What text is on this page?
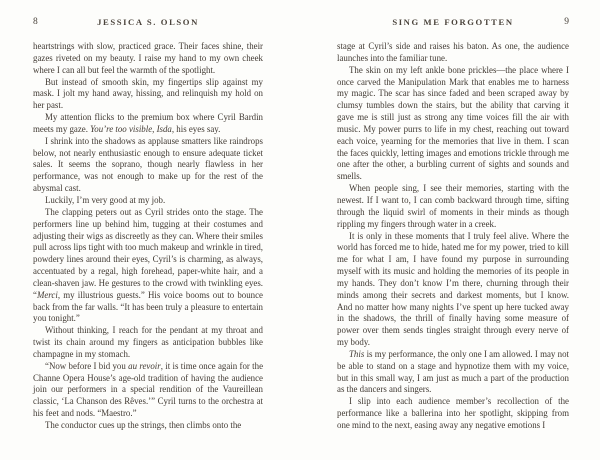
8	JESSICA S. OLSON

heartstrings with slow, practiced grace. Their faces shine, their gazes riveted on my beauty. I raise my hand to my own cheek where I can all but feel the warmth of the spotlight.

But instead of smooth skin, my fingertips slip against my mask. I jolt my hand away, hissing, and relinquish my hold on her past.

My attention flicks to the premium box where Cyril Bardin meets my gaze. You’re too visible, Isda, his eyes say.

I shrink into the shadows as applause smatters like raindrops below, not nearly enthusiastic enough to ensure adequate ticket sales. It seems the soprano, though nearly flawless in her performance, was not enough to make up for the rest of the abysmal cast.

Luckily, I’m very good at my job.

The clapping peters out as Cyril strides onto the stage. The performers line up behind him, tugging at their costumes and adjusting their wigs as discreetly as they can. Where their smiles pull across lips tight with too much makeup and wrinkle in tired, powdery lines around their eyes, Cyril’s is charming, as always, accentuated by a regal, high forehead, paper-white hair, and a clean-shaven jaw. He gestures to the crowd with twinkling eyes. “Merci, my illustrious guests.” His voice booms out to bounce back from the far walls. “It has been truly a pleasure to entertain you tonight.”

Without thinking, I reach for the pendant at my throat and twist its chain around my fingers as anticipation bubbles like champagne in my stomach.

“Now before I bid you au revoir, it is time once again for the Channe Opera House’s age-old tradition of having the audience join our performers in a special rendition of the Vaureillean classic, ‘La Chanson des Rêves.’” Cyril turns to the orchestra at his feet and nods. “Maestro.”

The conductor cues up the strings, then climbs onto the

SING ME FORGOTTEN	9

stage at Cyril’s side and raises his baton. As one, the audience launches into the familiar tune.

The skin on my left ankle bone prickles—the place where I once carved the Manipulation Mark that enables me to harness my magic. The scar has since faded and been scraped away by clumsy tumbles down the stairs, but the ability that carving it gave me is still just as strong any time voices fill the air with music. My power purrs to life in my chest, reaching out toward each voice, yearning for the memories that live in them. I scan the faces quickly, letting images and emotions trickle through me one after the other, a burbling current of sights and sounds and smells.

When people sing, I see their memories, starting with the newest. If I want to, I can comb backward through time, sifting through the liquid swirl of moments in their minds as though rippling my fingers through water in a creek.

It is only in these moments that I truly feel alive. Where the world has forced me to hide, hated me for my power, tried to kill me for what I am, I have found my purpose in surrounding myself with its music and holding the memories of its people in my hands. They don’t know I’m there, churning through their minds among their secrets and darkest moments, but I know. And no matter how many nights I’ve spent up here tucked away in the shadows, the thrill of finally having some measure of power over them sends tingles straight through every nerve of my body.

This is my performance, the only one I am allowed. I may not be able to stand on a stage and hypnotize them with my voice, but in this small way, I am just as much a part of the production as the dancers and singers.

I slip into each audience member’s recollection of the performance like a ballerina into her spotlight, skipping from one mind to the next, easing away any negative emotions I
